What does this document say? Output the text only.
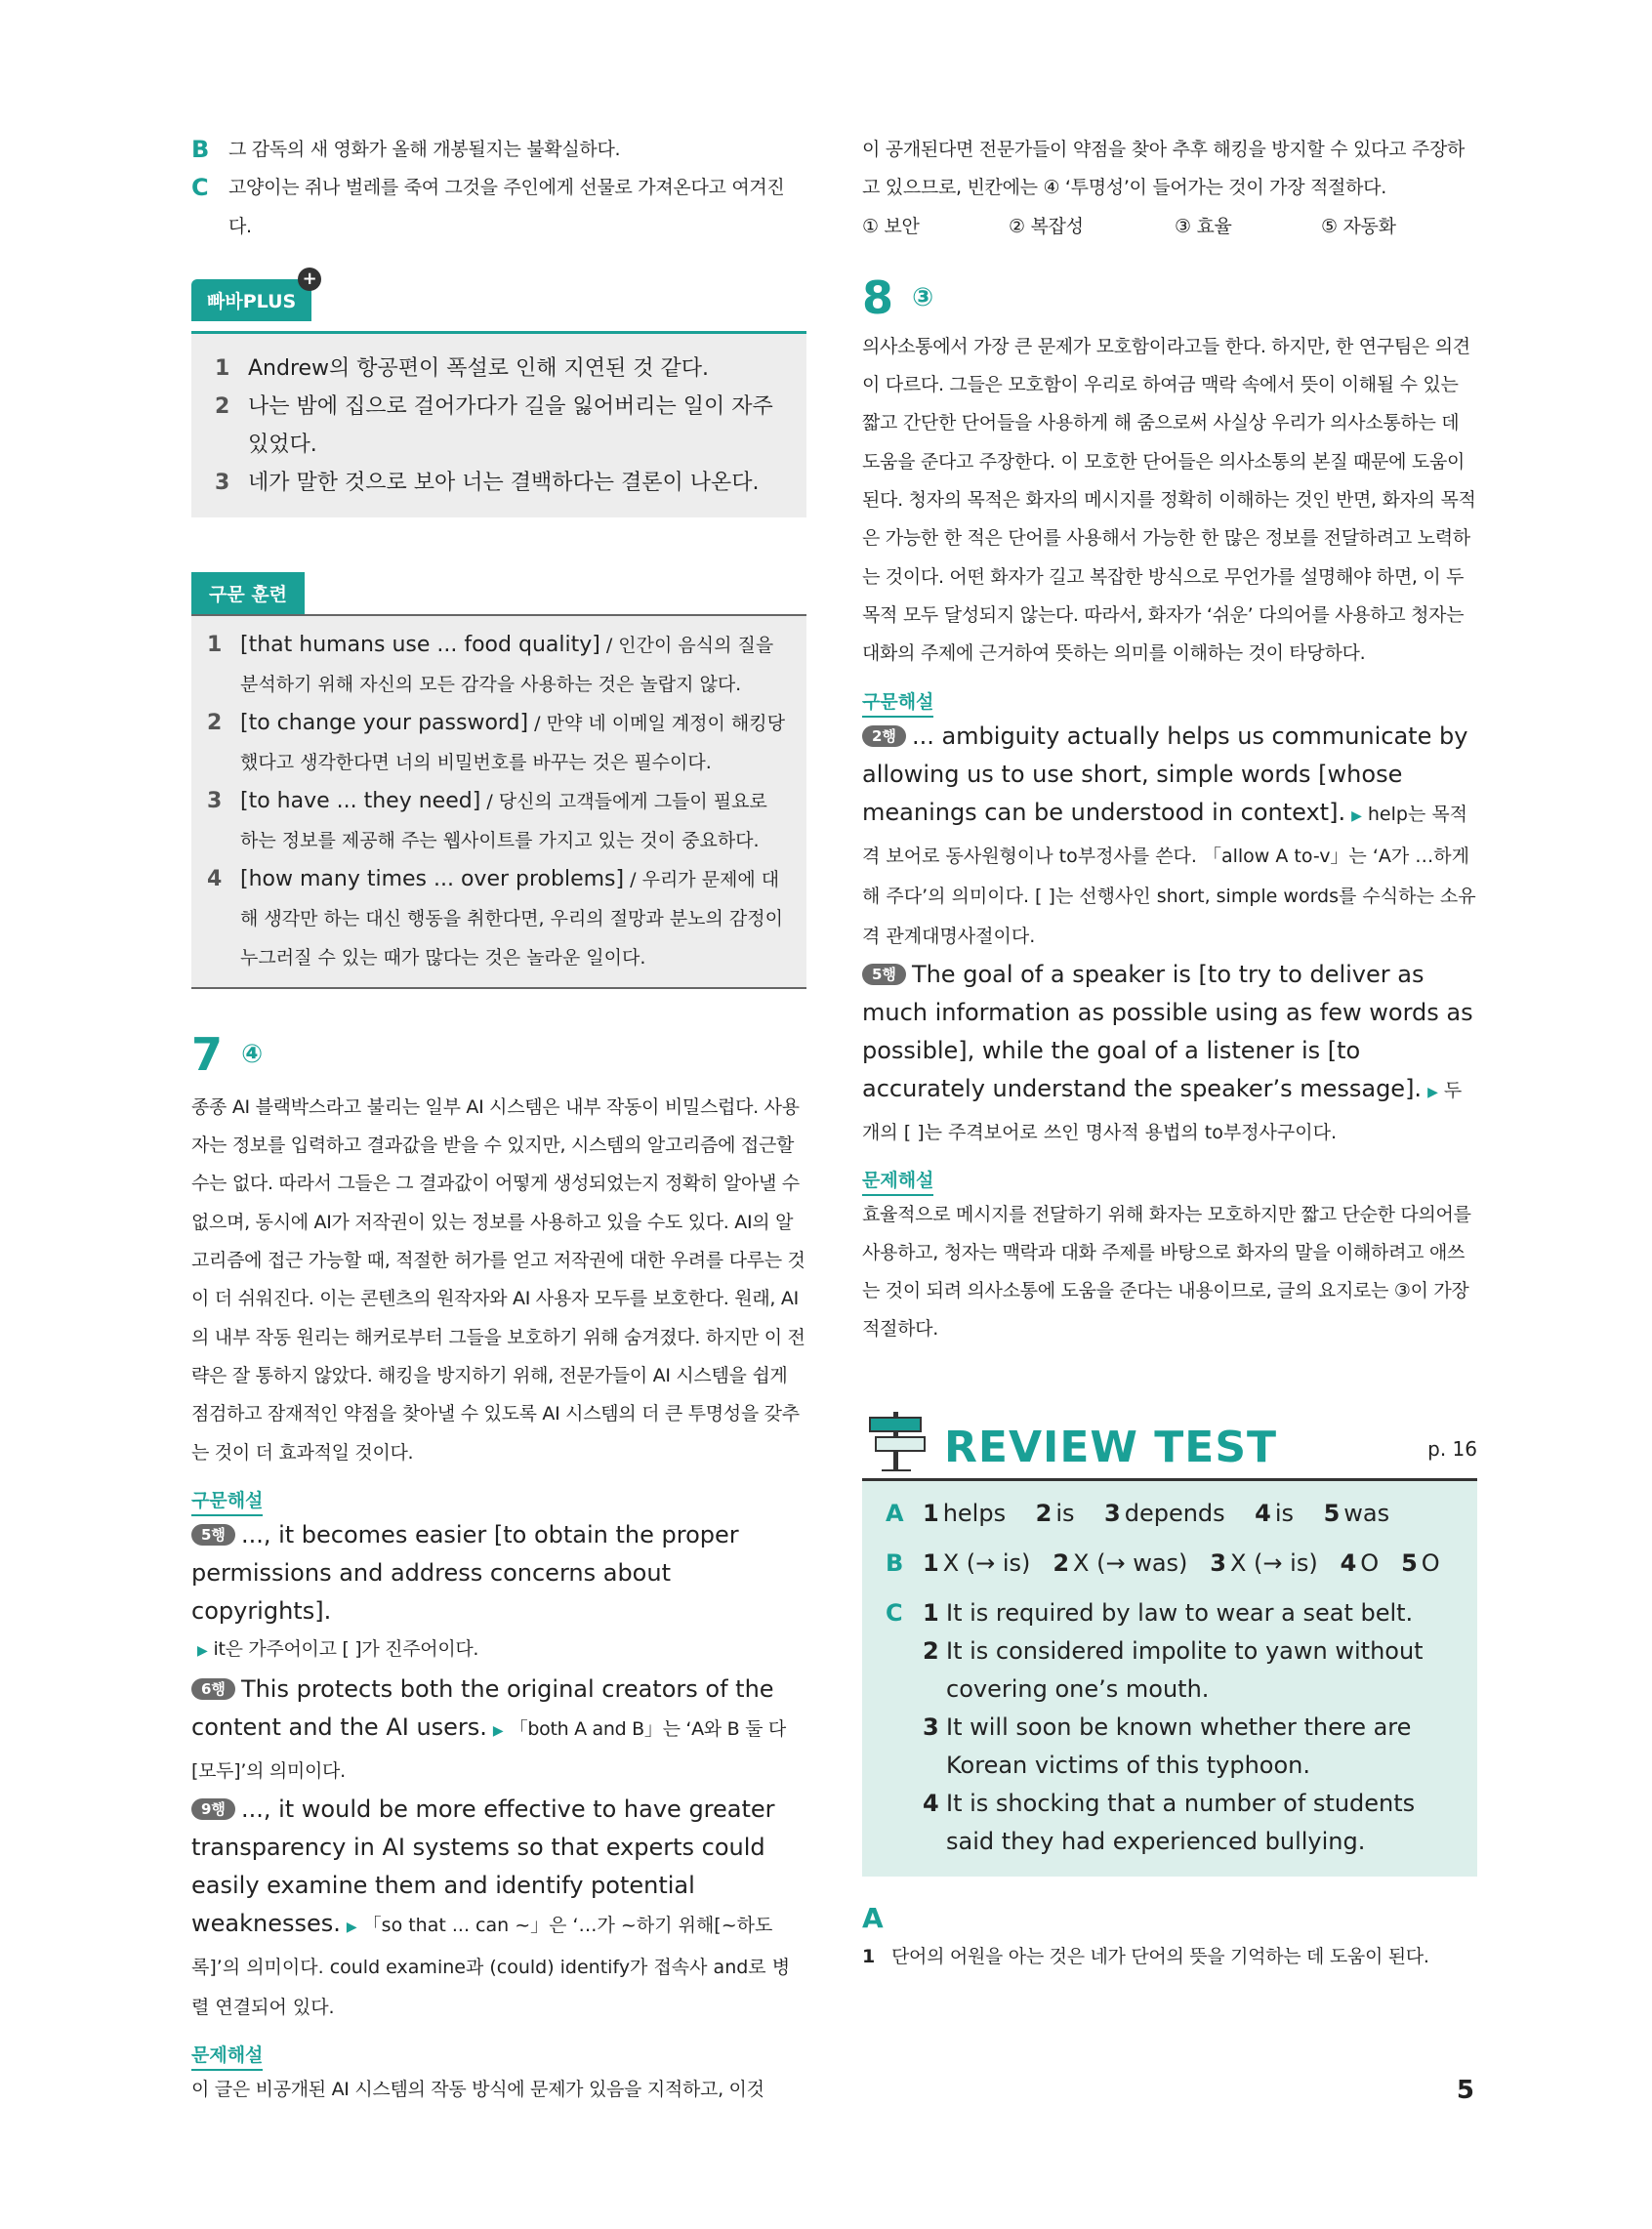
B	그 감독의 새 영화가 올해 개봉될지는 불확실하다.
C	고양이는 쥐나 벌레를 죽여 그것을 주인에게 선물로 가져온다고 여겨진다.
빠바PLUS
+
1 Andrew의 항공편이 폭설로 인해 지연된 것 같다.
2 나는 밤에 집으로 걸어가다가 길을 잃어버리는 일이 자주 있었다.
3 네가 말한 것으로 보아 너는 결백하다는 결론이 나온다.
구문 훈련
1 [that humans use ... food quality] / 인간이 음식의 질을 분석하기 위해 자신의 모든 감각을 사용하는 것은 놀랍지 않다.
2 [to change your password] / 만약 네 이메일 계정이 해킹당했다고 생각한다면 너의 비밀번호를 바꾸는 것은 필수이다.
3 [to have ... they need] / 당신의 고객들에게 그들이 필요로 하는 정보를 제공해 주는 웹사이트를 가지고 있는 것이 중요하다.
4 [how many times ... over problems] / 우리가 문제에 대해 생각만 하는 대신 행동을 취한다면, 우리의 절망과 분노의 감정이 누그러질 수 있는 때가 많다는 것은 놀라운 일이다.
7 ④

종종 AI 블랙박스라고 불리는 일부 AI 시스템은 내부 작동이 비밀스럽다. 사용자는 정보를 입력하고 결과값을 받을 수 있지만, 시스템의 알고리즘에 접근할 수는 없다. 따라서 그들은 그 결과값이 어떻게 생성되었는지 정확히 알아낼 수 없으며, 동시에 AI가 저작권이 있는 정보를 사용하고 있을 수도 있다. AI의 알고리즘에 접근 가능할 때, 적절한 허가를 얻고 저작권에 대한 우려를 다루는 것이 더 쉬워진다. 이는 콘텐츠의 원작자와 AI 사용자 모두를 보호한다. 원래, AI의 내부 작동 원리는 해커로부터 그들을 보호하기 위해 숨겨졌다. 하지만 이 전략은 잘 통하지 않았다. 해킹을 방지하기 위해, 전문가들이 AI 시스템을 쉽게 점검하고 잠재적인 약점을 찾아낼 수 있도록 AI 시스템의 더 큰 투명성을 갖추는 것이 더 효과적일 것이다.

구문해설

5행 ..., it becomes easier [to obtain the proper permissions and address concerns about copyrights].

▶ it은 가주어이고 [ ]가 진주어이다.

6행 This protects both the original creators of the content and the AI users. ▶ 「both A and B」는 ‘A와 B 둘 다[모두]’의 의미이다.

9행 ..., it would be more effective to have greater transparency in AI systems so that experts could easily examine them and identify potential weaknesses. ▶ 「so that ... can ~」은 ‘…가 ~하기 위해[~하도록]’의 의미이다. could examine과 (could) identify가 접속사 and로 병렬 연결되어 있다.

문제해설

이 글은 비공개된 AI 시스템의 작동 방식에 문제가 있음을 지적하고, 이것

이 공개된다면 전문가들이 약점을 찾아 추후 해킹을 방지할 수 있다고 주장하고 있으므로, 빈칸에는 ④ ‘투명성’이 들어가는 것이 가장 적절하다.

① 보안	② 복잡성	③ 효율	⑤ 자동화
8 ③

의사소통에서 가장 큰 문제가 모호함이라고들 한다. 하지만, 한 연구팀은 의견이 다르다. 그들은 모호함이 우리로 하여금 맥락 속에서 뜻이 이해될 수 있는 짧고 간단한 단어들을 사용하게 해 줌으로써 사실상 우리가 의사소통하는 데 도움을 준다고 주장한다. 이 모호한 단어들은 의사소통의 본질 때문에 도움이 된다. 청자의 목적은 화자의 메시지를 정확히 이해하는 것인 반면, 화자의 목적은 가능한 한 적은 단어를 사용해서 가능한 한 많은 정보를 전달하려고 노력하는 것이다. 어떤 화자가 길고 복잡한 방식으로 무언가를 설명해야 하면, 이 두 목적 모두 달성되지 않는다. 따라서, 화자가 ‘쉬운’ 다의어를 사용하고 청자는 대화의 주제에 근거하여 뜻하는 의미를 이해하는 것이 타당하다.

구문해설

2행 ... ambiguity actually helps us communicate by allowing us to use short, simple words [whose meanings can be understood in context]. ▶ help는 목적격 보어로 동사원형이나 to부정사를 쓴다. 「allow A to-v」는 ‘A가 …하게 해 주다’의 의미이다. [ ]는 선행사인 short, simple words를 수식하는 소유격 관계대명사절이다.

5행 The goal of a speaker is [to try to deliver as much information as possible using as few words as possible], while the goal of a listener is [to accurately understand the speaker’s message]. ▶ 두 개의 [ ]는 주격보어로 쓰인 명사적 용법의 to부정사구이다.

문제해설

효율적으로 메시지를 전달하기 위해 화자는 모호하지만 짧고 단순한 다의어를 사용하고, 청자는 맥락과 대화 주제를 바탕으로 화자의 말을 이해하려고 애쓰는 것이 되려 의사소통에 도움을 준다는 내용이므로, 글의 요지로는 ③이 가장 적절하다.

REVIEW TEST	p. 16
A 1 helps 2 is 3 depends 4 is 5 was
B 1 X (→ is) 2 X (→ was) 3 X (→ is) 4 O 5 O
C 1 It is required by law to wear a seat belt.
2 It is considered impolite to yawn without covering one’s mouth.
3 It will soon be known whether there are Korean victims of this typhoon.
4 It is shocking that a number of students said they had experienced bullying.
A
1 단어의 어원을 아는 것은 네가 단어의 뜻을 기억하는 데 도움이 된다.
5
